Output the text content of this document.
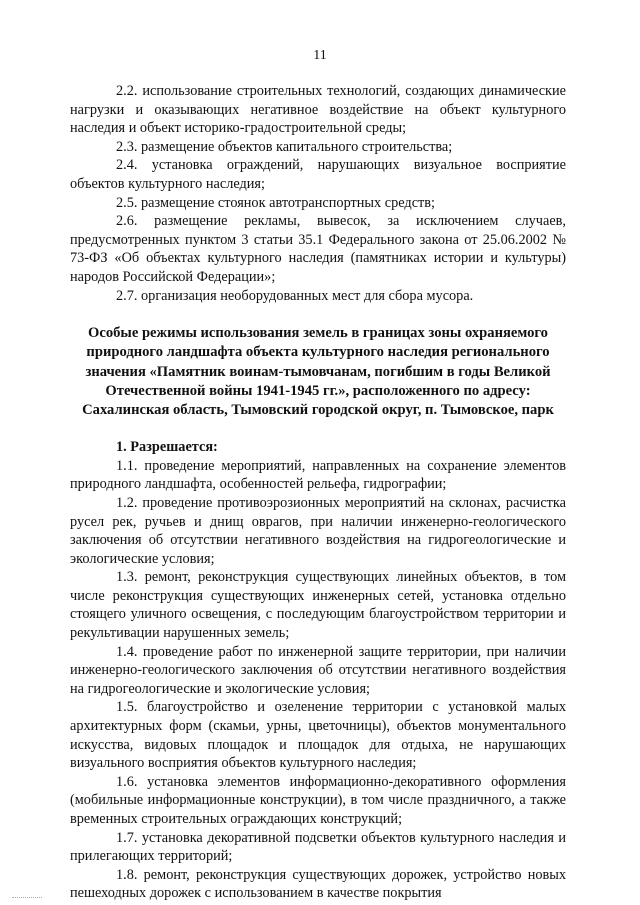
11

2.2. использование строительных технологий, создающих динамические нагрузки и оказывающих негативное воздействие на объект культурного наследия и объект историко-градостроительной среды;

2.3. размещение объектов капитального строительства;

2.4. установка ограждений, нарушающих визуальное восприятие объектов культурного наследия;

2.5. размещение стоянок автотранспортных средств;

2.6. размещение рекламы, вывесок, за исключением случаев, предусмотренных пунктом 3 статьи 35.1 Федерального закона от 25.06.2002 № 73-ФЗ «Об объектах культурного наследия (памятниках истории и культуры) народов Российской Федерации»;

2.7. организация необорудованных мест для сбора мусора.

Особые режимы использования земель в границах зоны охраняемого природного ландшафта объекта культурного наследия регионального значения «Памятник воинам-тымовчанам, погибшим в годы Великой Отечественной войны 1941-1945 гг.», расположенного по адресу: Сахалинская область, Тымовский городской округ, п. Тымовское, парк

1. Разрешается:

1.1. проведение мероприятий, направленных на сохранение элементов природного ландшафта, особенностей рельефа, гидрографии;

1.2. проведение противоэрозионных мероприятий на склонах, расчистка русел рек, ручьев и днищ оврагов, при наличии инженерно-геологического заключения об отсутствии негативного воздействия на гидрогеологические и экологические условия;

1.3. ремонт, реконструкция существующих линейных объектов, в том числе реконструкция существующих инженерных сетей, установка отдельно стоящего уличного освещения, с последующим благоустройством территории и рекультивации нарушенных земель;

1.4. проведение работ по инженерной защите территории, при наличии инженерно-геологического заключения об отсутствии негативного воздействия на гидрогеологические и экологические условия;

1.5. благоустройство и озеленение территории с установкой малых архитектурных форм (скамьи, урны, цветочницы), объектов монументального искусства, видовых площадок и площадок для отдыха, не нарушающих визуального восприятия объектов культурного наследия;

1.6. установка элементов информационно-декоративного оформления (мобильные информационные конструкции), в том числе праздничного, а также временных строительных ограждающих конструкций;

1.7. установка декоративной подсветки объектов культурного наследия и прилегающих территорий;

1.8. ремонт, реконструкция существующих дорожек, устройство новых пешеходных дорожек с использованием в качестве покрытия
